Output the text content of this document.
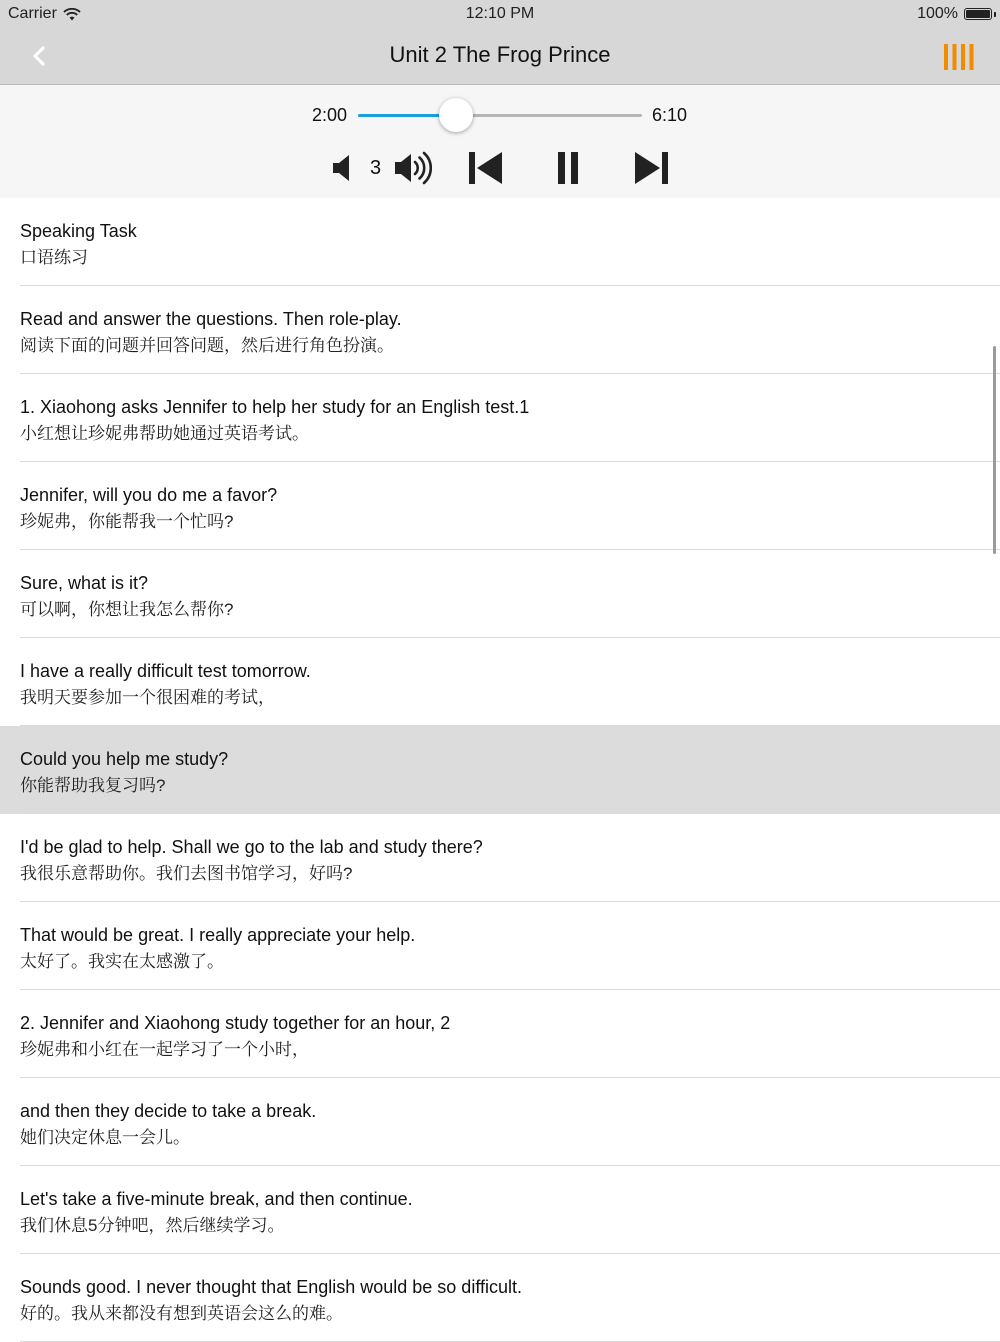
Carrier	12:10 PM	100%
Unit 2 The Frog Prince
2:00	6:10
3
Speaking Task
口语练习
Read and answer the questions. Then role-play.
阅读下面的问题并回答问题，然后进行角色扮演。
1. Xiaohong asks Jennifer to help her study for an English test.1
小红想让珍妮弗帮助她通过英语考试。
Jennifer, will you do me a favor?
珍妮弗，你能帮我一个忙吗?
Sure, what is it?
可以啊，你想让我怎么帮你?
I have a really difficult test tomorrow.
我明天要参加一个很困难的考试，
Could you help me study?
你能帮助我复习吗?
I'd be glad to help. Shall we go to the lab and study there?
我很乐意帮助你。我们去图书馆学习，好吗?
That would be great. I really appreciate your help.
太好了。我实在太感激了。
2. Jennifer and Xiaohong study together for an hour, 2
珍妮弗和小红在一起学习了一个小时，
and then they decide to take a break.
她们决定休息一会儿。
Let's take a five-minute break, and then continue.
我们休息5分钟吧，然后继续学习。
Sounds good. I never thought that English would be so difficult.
好的。我从来都没有想到英语会这么的难。
